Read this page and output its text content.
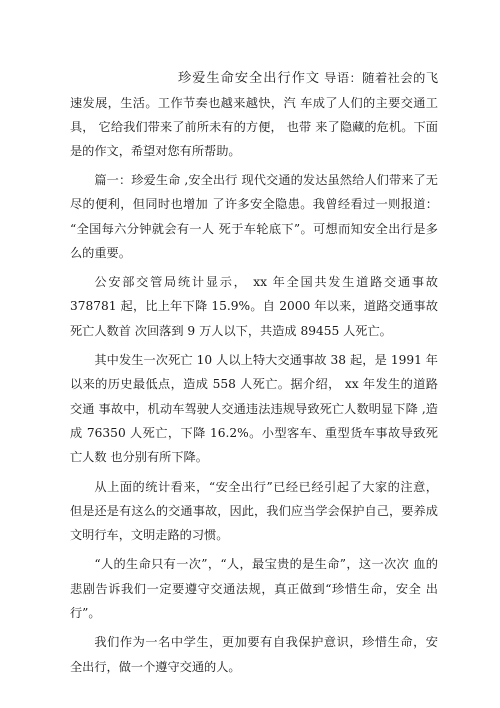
珍爱生命安全出行作文 导语：随着社会的飞速发展，生活。工作节奏也越来越快，汽 车成了人们的主要交通工具， 它给我们带来了前所未有的方便， 也带 来了隐藏的危机。下面是的作文，希望对您有所帮助。

篇一：珍爱生命 ,安全出行 现代交通的发达虽然给人们带来了无尽的便利，但同时也增加 了许多安全隐患。我曾经看过一则报道： “全国每六分钟就会有一人 死于车轮底下”。可想而知安全出行是多么的重要。

公安部交管局统计显示， xx 年全国共发生道路交通事故 378781 起，比上年下降 15.9%。自 2000 年以来，道路交通事故死亡人数首 次回落到 9 万人以下，共造成 89455 人死亡。

其中发生一次死亡 10 人以上特大交通事故 38 起，是 1991 年以来的历史最低点，造成 558 人死亡。据介绍， xx 年发生的道路交通 事故中，机动车驾驶人交通违法违规导致死亡人数明显下降 ,造成 76350 人死亡，下降 16.2%。小型客车、重型货车事故导致死亡人数 也分别有所下降。

从上面的统计看来，“安全出行”已经已经引起了大家的注意， 但是还是有这么的交通事故，因此，我们应当学会保护自己，要养成 文明行车，文明走路的习惯。

“人的生命只有一次”，“人，最宝贵的是生命”，这一次次 血的悲剧告诉我们一定要遵守交通法规，真正做到“珍惜生命，安全 出行”。

我们作为一名中学生，更加要有自我保护意识，珍惜生命，安 全出行，做一个遵守交通的人。
